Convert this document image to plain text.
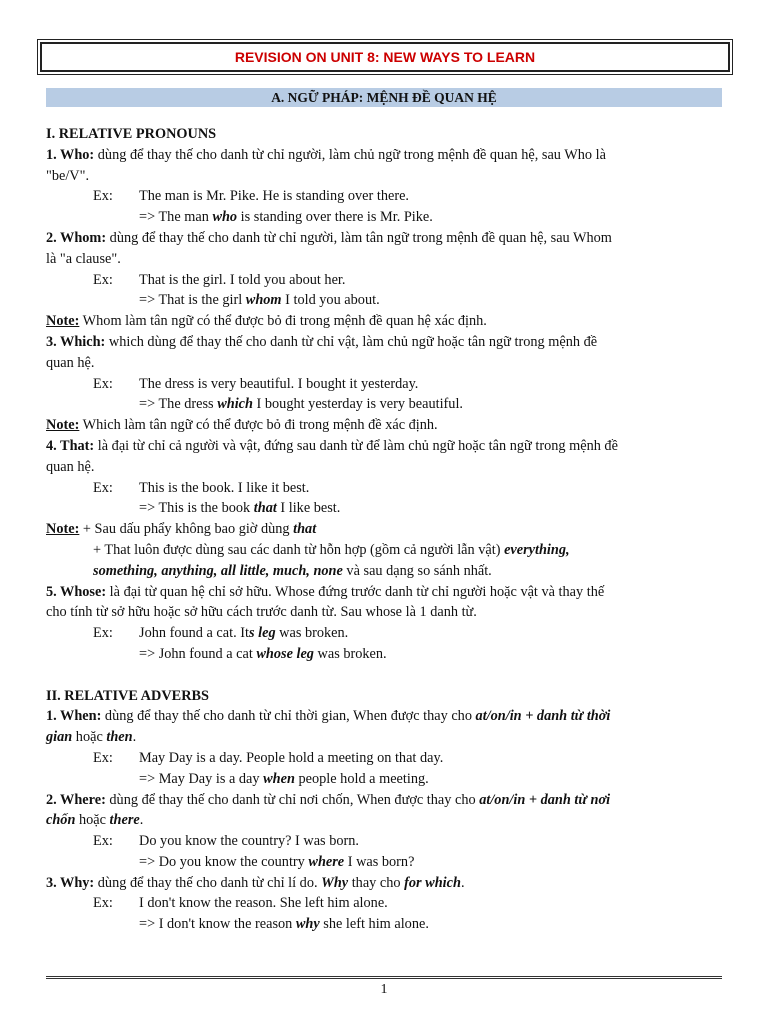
REVISION ON UNIT 8: NEW WAYS TO LEARN
A. NGỮ PHÁP: MỆNH ĐỀ QUAN HỆ
I. RELATIVE PRONOUNS
1. Who: dùng để thay thế cho danh từ chỉ người, làm chủ ngữ trong mệnh đề quan hệ, sau Who là
"be/V".
Ex: The man is Mr. Pike. He is standing over there.
=> The man who is standing over there is Mr. Pike.
2. Whom: dùng để thay thế cho danh từ chỉ người, làm tân ngữ trong mệnh đề quan hệ, sau Whom
là "a clause".
Ex: That is the girl. I told you about her.
=> That is the girl whom I told you about.
Note: Whom làm tân ngữ có thể được bỏ đi trong mệnh đề quan hệ xác định.
3. Which: which dùng để thay thế cho danh từ chỉ vật, làm chủ ngữ hoặc tân ngữ trong mệnh đề
quan hệ.
Ex: The dress is very beautiful. I bought it yesterday.
=> The dress which I bought yesterday is very beautiful.
Note: Which làm tân ngữ có thể được bỏ đi trong mệnh đề xác định.
4. That: là đại từ chỉ cả người và vật, đứng sau danh từ để làm chủ ngữ hoặc tân ngữ trong mệnh đề
quan hệ.
Ex: This is the book. I like it best.
=> This is the book that I like best.
Note: + Sau dấu phẩy không bao giờ dùng that
+ That luôn được dùng sau các danh từ hỗn hợp (gồm cả người lẫn vật) everything,
something, anything, all little, much, none và sau dạng so sánh nhất.
5. Whose: là đại từ quan hệ chỉ sở hữu. Whose đứng trước danh từ chỉ người hoặc vật và thay thế
cho tính từ sở hữu hoặc sở hữu cách trước danh từ. Sau whose là 1 danh từ.
Ex: John found a cat. Its leg was broken.
=> John found a cat whose leg was broken.
II. RELATIVE ADVERBS
1. When: dùng để thay thế cho danh từ chỉ thời gian, When được thay cho at/on/in + danh từ thời
gian hoặc then.
Ex: May Day is a day. People hold a meeting on that day.
=> May Day is a day when people hold a meeting.
2. Where: dùng để thay thế cho danh từ chỉ nơi chốn, When được thay cho at/on/in + danh từ nơi
chốn hoặc there.
Ex: Do you know the country? I was born.
=> Do you know the country where I was born?
3. Why: dùng để thay thế cho danh từ chỉ lí do. Why thay cho for which.
Ex: I don't know the reason. She left him alone.
=> I don't know the reason why she left him alone.
1
